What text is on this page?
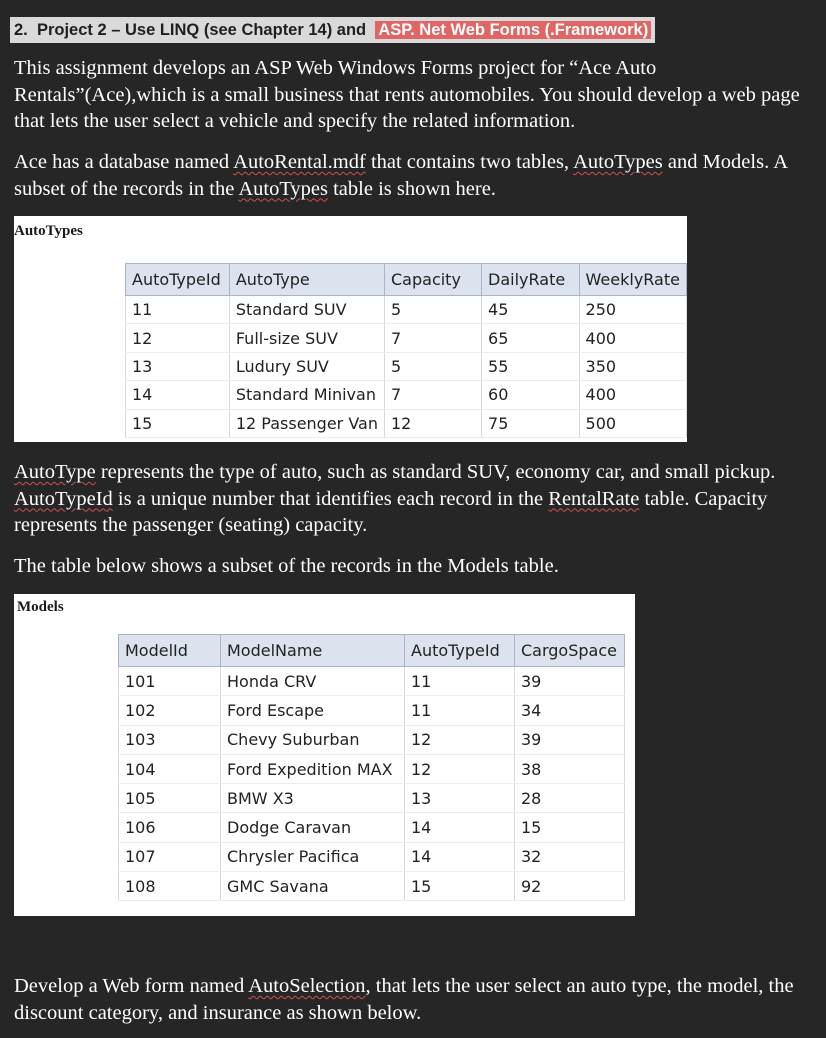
2. Project 2 – Use LINQ (see Chapter 14) and ASP. Net Web Forms (.Framework)

This assignment develops an ASP Web Windows Forms project for “Ace Auto Rentals”(Ace),which is a small business that rents automobiles. You should develop a web page that lets the user select a vehicle and specify the related information.

Ace has a database named AutoRental.mdf that contains two tables, AutoTypes and Models. A subset of the records in the AutoTypes table is shown here.

AutoTypes
AutoTypeId	AutoType	Capacity	DailyRate	WeeklyRate
11	Standard SUV	5	45	250
12	Full-size SUV	7	65	400
13	Ludury SUV	5	55	350
14	Standard Minivan	7	60	400
15	12 Passenger Van	12	75	500

AutoType represents the type of auto, such as standard SUV, economy car, and small pickup. AutoTypeId is a unique number that identifies each record in the RentalRate table. Capacity represents the passenger (seating) capacity.

The table below shows a subset of the records in the Models table.

Models
ModelId	ModelName	AutoTypeId	CargoSpace
101	Honda CRV	11	39
102	Ford Escape	11	34
103	Chevy Suburban	12	39
104	Ford Expedition MAX	12	38
105	BMW X3	13	28
106	Dodge Caravan	14	15
107	Chrysler Pacifica	14	32
108	GMC Savana	15	92

Develop a Web form named AutoSelection, that lets the user select an auto type, the model, the discount category, and insurance as shown below.
